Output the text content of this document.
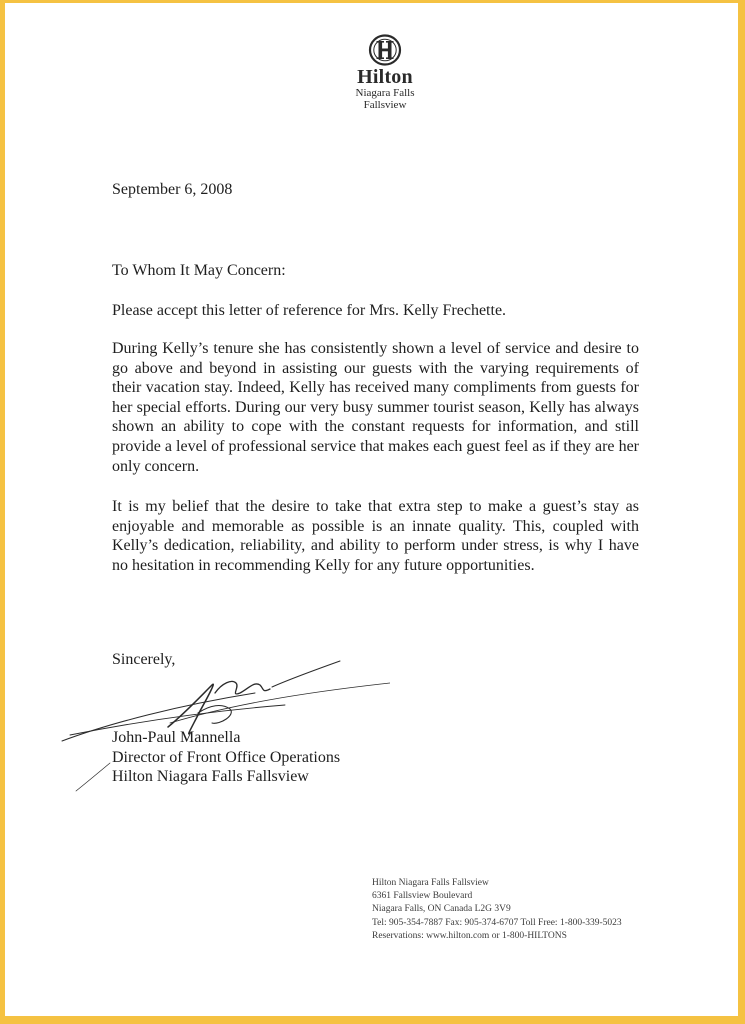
Hilton
Niagara Falls
Fallsview
September 6, 2008
To Whom It May Concern:

Please accept this letter of reference for Mrs. Kelly Frechette.

During Kelly’s tenure she has consistently shown a level of service and desire to go above and beyond in assisting our guests with the varying requirements of their vacation stay. Indeed, Kelly has received many compliments from guests for her special efforts. During our very busy summer tourist season, Kelly has always shown an ability to cope with the constant requests for information, and still provide a level of professional service that makes each guest feel as if they are her only concern.

It is my belief that the desire to take that extra step to make a guest’s stay as enjoyable and memorable as possible is an innate quality. This, coupled with Kelly’s dedication, reliability, and ability to perform under stress, is why I have no hesitation in recommending Kelly for any future opportunities.

Sincerely,
John-Paul Mannella
Director of Front Office Operations
Hilton Niagara Falls Fallsview
Hilton Niagara Falls Fallsview
6361 Fallsview Boulevard
Niagara Falls, ON Canada L2G 3V9
Tel: 905-354-7887 Fax: 905-374-6707 Toll Free: 1-800-339-5023
Reservations: www.hilton.com or 1-800-HILTONS
